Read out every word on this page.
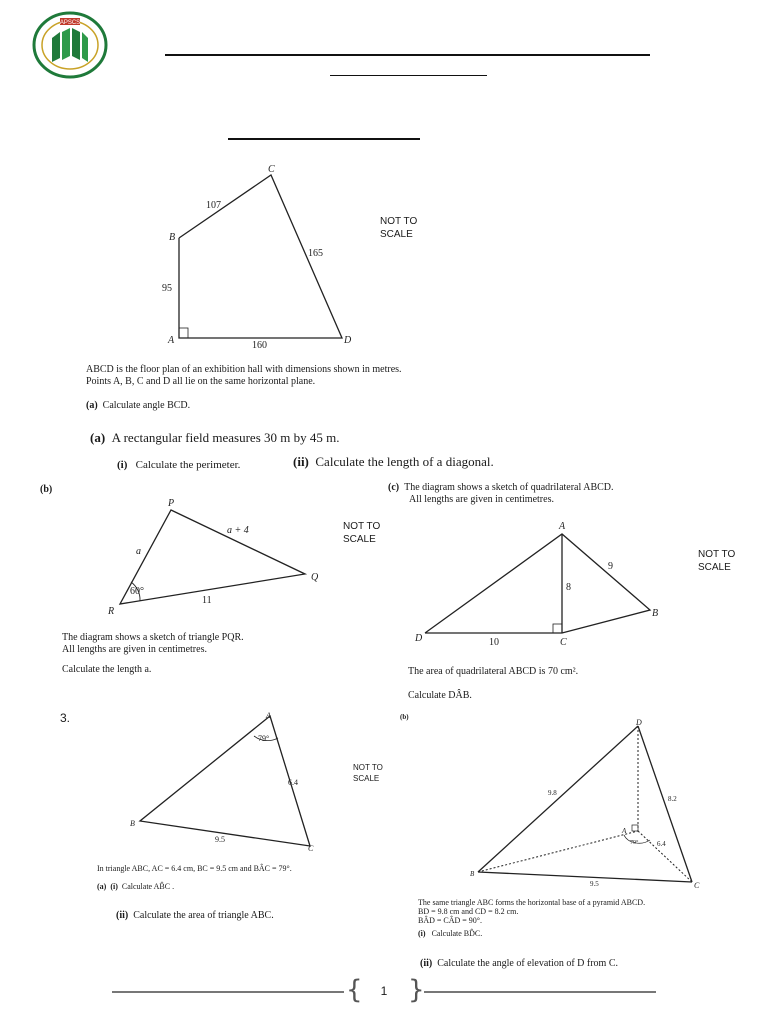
APSCS
C
B
A	D
107
165
95
160
NOT TO
SCALE
ABCD is the floor plan of an exhibition hall with dimensions shown in metres.
Points A, B, C and D all lie on the same horizontal plane.
(a) Calculate angle BCD.
(a) A rectangular field measures 30 m by 45 m.
(i) Calculate the perimeter.	(ii) Calculate the length of a diagonal.
(b)
P
Q
R
a
a + 4
11
60°
NOT TO
SCALE
The diagram shows a sketch of triangle PQR.
All lengths are given in centimetres.
Calculate the length a.
(c) The diagram shows a sketch of quadrilateral ABCD.
All lengths are given in centimetres.
A
B
C
D
8
9
10
NOT TO
SCALE
The area of quadrilateral ABCD is 70 cm².
Calculate DÂB.
3.	A
B
C
79°
6.4
9.5
NOT TO
SCALE
In triangle ABC, AC = 6.4 cm, BC = 9.5 cm and BÂC = 79°.
(a) (i) Calculate AB̂C .
(ii) Calculate the area of triangle ABC.
(b)
D
B
C
A
9.8
8.2
6.4
9.5
79°
The same triangle ABC forms the horizontal base of a pyramid ABCD.
BD = 9.8 cm and CD = 8.2 cm.
BÂD = CÂD = 90°.
(i) Calculate BD̂C.
(ii) Calculate the angle of elevation of D from C.
{ }
1
